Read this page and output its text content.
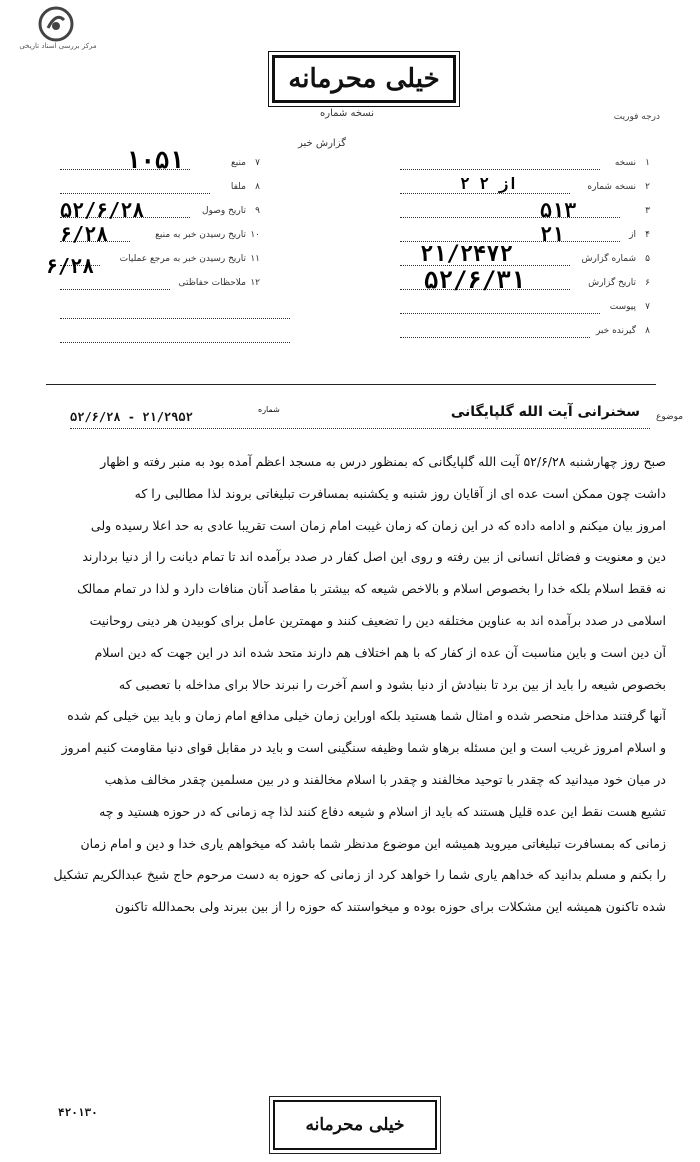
مرکز بررسی اسناد تاریخی
خیلی محرمانه
نسخه شماره
گزارش خبر
درجه فوریت
۷
منبع
۱۰۵۱
۸
ملفا
۹
تاریخ وصول
۵۲/۶/۲۸
۱۰
تاریخ رسیدن خبر به منبع
۶/۲۸
۱۱
تاریخ رسیدن خبر به مرجع عملیات
۶/۲۸
۱۲
ملاحظات حفاظتی
۱
نسخه
۲
نسخه شماره
۲ از ۲
۳
۵۱۳
۴
از
۲۱
۵
شماره گزارش
۲۱/۲۴۷۲
۶
تاریخ گزارش
۵۲/۶/۳۱
۷
پیوست
۸
گیرنده خبر
موضوع
سخنرانی آیت الله گلپایگانی
شماره
۵۲/۶/۲۸ - ۲۱/۲۹۵۲
صبح روز چهارشنبه ۵۲/۶/۲۸ آیت الله گلپایگانی که بمنظور درس به مسجد اعظم آمده بود به منبر رفته و اظهار
داشت چون ممکن است عده ای از آقایان روز شنبه و یکشنبه بمسافرت تبلیغاتی بروند لذا مطالبی را که
امروز بیان میکنم و ادامه داده که در این زمان که زمان غیبت امام زمان است تقریبا عادی به حد اعلا رسیده ولی
دین و معنویت و فضائل انسانی از بین رفته و روی این اصل کفار در صدد برآمده اند تا تمام دیانت را از دنیا بردارند
نه فقط اسلام بلکه خدا را بخصوص اسلام و بالاخص شیعه که بیشتر با مقاصد آنان منافات دارد و لذا در تمام ممالک
اسلامی در صدد برآمده اند به عناوین مختلفه دین را تضعیف کنند و مهمترین عامل برای کوبیدن هر دینی روحانیت
آن دین است و باین مناسبت آن عده از کفار که با هم اختلاف هم دارند متحد شده اند در این جهت که دین اسلام
بخصوص شیعه را باید از بین برد تا بنیادش از دنیا بشود و اسم آخرت را نبرند حالا برای مداخله با تعصبی که
آنها گرفتند مداخل منحصر شده و امثال شما هستید بلکه اوراین زمان خیلی مدافع امام زمان و باید بین خیلی کم شده
و اسلام امروز غریب است و این مسئله برهاو شما وظیفه سنگینی است و باید در مقابل قوای دنیا مقاومت کنیم امروز
در میان خود میدانید که چقدر با توحید مخالفند و چقدر با اسلام مخالفند و در بین مسلمین چقدر مخالف مذهب
تشیع هست نقط این عده قلیل هستند که باید از اسلام و شیعه دفاع کنند لذا چه زمانی که در حوزه هستید و چه
زمانی که بمسافرت تبلیغاتی میروید همیشه این موضوع مدنظر شما باشد که میخواهم یاری خدا و دین و امام زمان
را بکنم و مسلم بدانید که خداهم یاری شما را خواهد کرد از زمانی که حوزه به دست مرحوم حاج شیخ عبدالکریم تشکیل
شده تاکنون همیشه این مشکلات برای حوزه بوده و میخواستند که حوزه را از بین ببرند ولی بحمدالله تاکنون
خیلی محرمانه
۴۲۰۱۳۰
